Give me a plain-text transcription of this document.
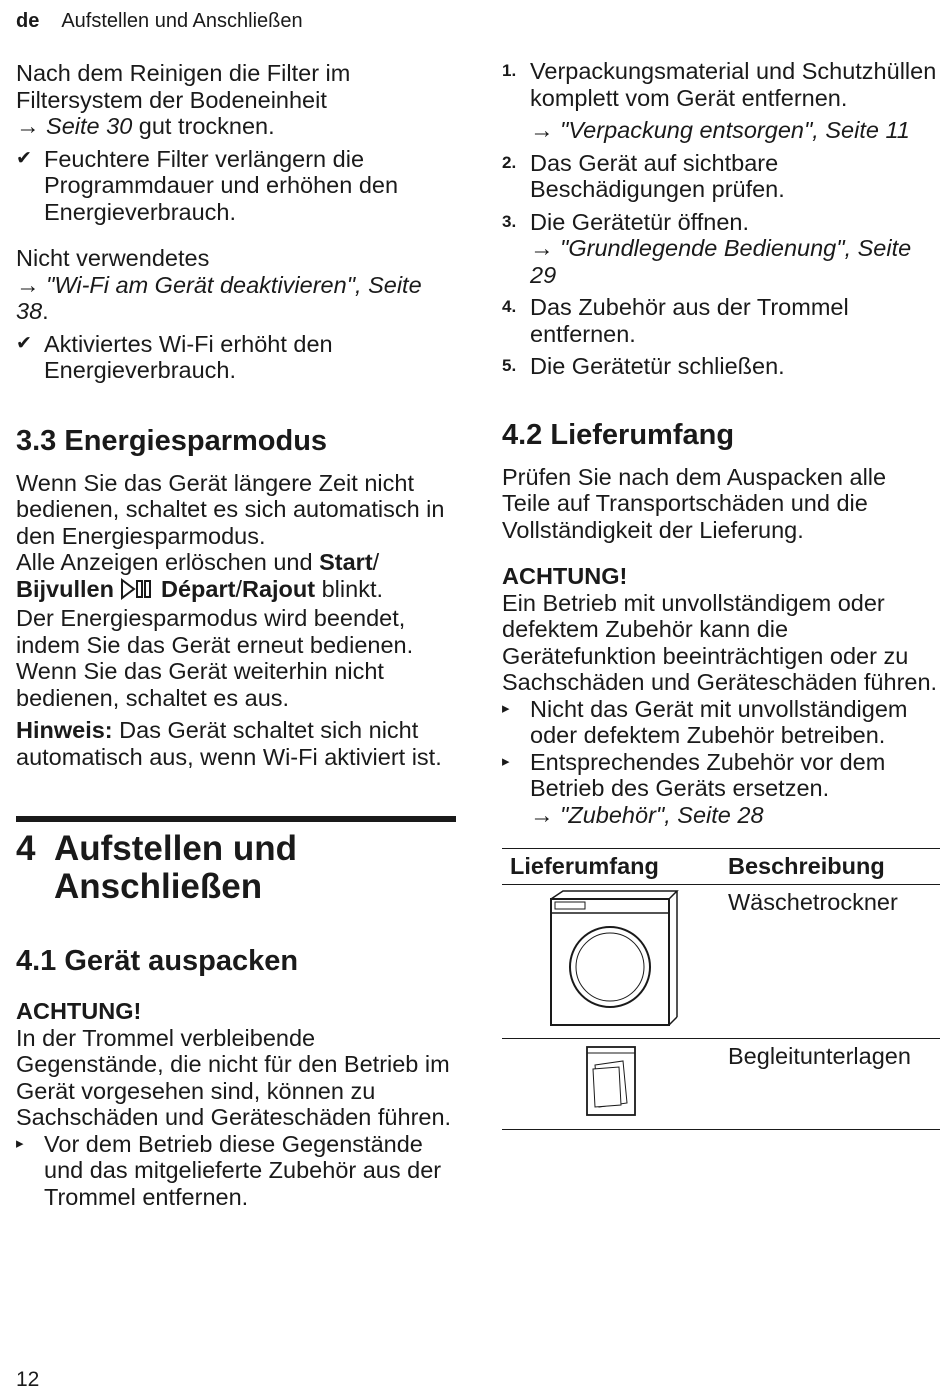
de Aufstellen und Anschließen

Nach dem Reinigen die Filter im Filtersystem der Bodeneinheit
→ Seite 30 gut trocknen.

✔ Feuchtere Filter verlängern die Programmdauer und erhöhen den Energieverbrauch.

Nicht verwendetes
→ "Wi-Fi am Gerät deaktivieren", Seite 38.

✔ Aktiviertes Wi-Fi erhöht den Energieverbrauch.
3.3 Energiesparmodus

Wenn Sie das Gerät längere Zeit nicht bedienen, schaltet es sich automatisch in den Energiesparmodus.

Alle Anzeigen erlöschen und Start/ Bijvullen Départ/Rajout blinkt.

Der Energiesparmodus wird beendet, indem Sie das Gerät erneut bedienen.

Wenn Sie das Gerät weiterhin nicht bedienen, schaltet es aus.

Hinweis: Das Gerät schaltet sich nicht automatisch aus, wenn Wi-Fi aktiviert ist.

4 Aufstellen und Anschließen
4.1 Gerät auspacken

ACHTUNG!

In der Trommel verbleibende Gegenstände, die nicht für den Betrieb im Gerät vorgesehen sind, können zu Sachschäden und Geräteschäden führen.

▸ Vor dem Betrieb diese Gegenstände und das mitgelieferte Zubehör aus der Trommel entfernen.
1. Verpackungsmaterial und Schutzhüllen komplett vom Gerät entfernen.

→ "Verpackung entsorgen", Seite 11

2. Das Gerät auf sichtbare Beschädigungen prüfen.
3. Die Gerätetür öffnen.

→ "Grundlegende Bedienung", Seite 29

4. Das Zubehör aus der Trommel entfernen.
5. Die Gerätetür schließen.
4.2 Lieferumfang

Prüfen Sie nach dem Auspacken alle Teile auf Transportschäden und die Vollständigkeit der Lieferung.

ACHTUNG!

Ein Betrieb mit unvollständigem oder defektem Zubehör kann die Gerätefunktion beeinträchtigen oder zu Sachschäden und Geräteschäden führen.

▸ Nicht das Gerät mit unvollständigem oder defektem Zubehör betreiben.
▸ Entsprechendes Zubehör vor dem Betrieb des Geräts ersetzen.

→ "Zubehör", Seite 28

Lieferumfang	Beschreibung
	Wäschetrockner
	Begleitunterlagen
12
